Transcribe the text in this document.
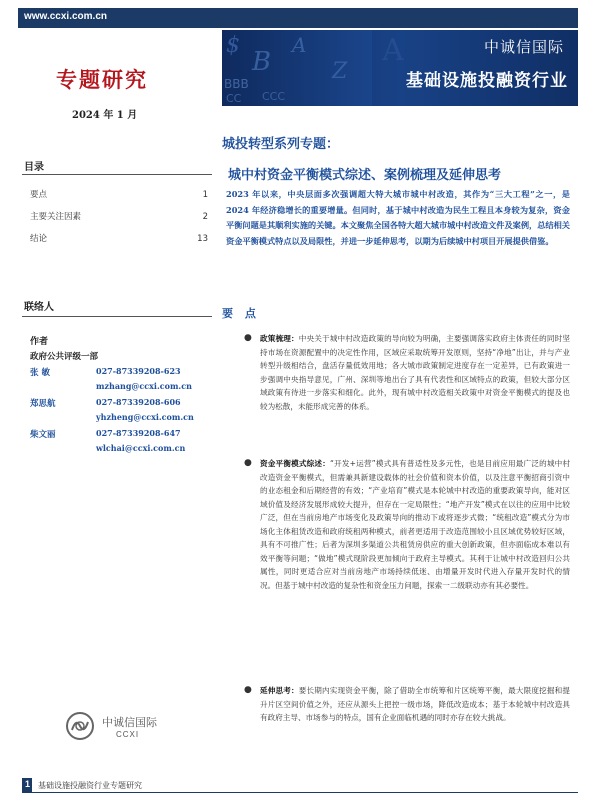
www.ccxi.com.cn
$
B
A
Z
BBB
CC CCC
A	中诚信国际
基础设施投融资行业
专题研究
2024 年 1 月
城投转型系列专题：
城中村资金平衡模式综述、案例梳理及延伸思考
目录
要点	1
主要关注因素	2
结论	13
联络人
作者
政府公共评级一部
张 敏	027-87339208-623
mzhang@ccxi.com.cn
郑思航	027-87339208-606
yhzheng@ccxi.com.cn
柴文丽	027-87339208-647
wlchai@ccxi.com.cn
中诚信国际
CCXI
2023 年以来，中央层面多次强调超大特大城市城中村改造，其作为“三大工程”之一，是 2024 年经济稳增长的重要增量。但同时，基于城中村改造为民生工程且本身较为复杂，资金平衡问题是其顺利实施的关键。本文聚焦全国各特大超大城市城中村改造文件及案例，总结相关资金平衡模式特点以及局限性，并进一步延伸思考，以期为后续城中村项目开展提供借鉴。
要 点
● 政策梳理：中央关于城中村改造政策的导向较为明确，主要强调落实政府主体责任的同时坚持市场在资源配置中的决定性作用，区域应采取统筹开发原则，坚持“净地”出让，并与产业转型升级相结合，盘活存量低效用地；各大城市政策制定进度存在一定差异，已有政策进一步强调中央指导意见，广州、深圳等地出台了具有代表性和区域特点的政策，但较大部分区域政策有待进一步落实和细化。此外，现有城中村改造相关政策中对资金平衡模式的提及也较为松散，未能形成完善的体系。
● 资金平衡模式综述：“开发+运营”模式具有普适性及多元性，也是目前应用最广泛的城中村改造资金平衡模式，但需兼具新建设载体的社会价值和资本价值，以及注意平衡招商引资中的业态租金和后期经营的有效；“产业培育”模式是本轮城中村改造的重要政策导向，能对区域价值及经济发展形成较大提升，但存在一定局限性；“地产开发”模式在以往的应用中比较广泛，但在当前房地产市场变化及政策导向的推动下或将逐步式微；“统租改造”模式分为市场化主体租赁改造和政府统租两种模式，前者更适用于改造范围较小且区域优势较好区域，具有不可推广性；后者为深圳多渠道公共租赁房供应的重大创新政策，但亦面临成本难以有效平衡等问题；“做地”模式现阶段更加倾向于政府主导模式。其利于让城中村改造回归公共属性，同时更适合应对当前房地产市场持续低迷、由增量开发时代进入存量开发时代的情况。但基于城中村改造的复杂性和资金压力问题，探索一二级联动亦有其必要性。
● 延伸思考：要长期内实现资金平衡，除了借助全市统筹和片区统筹平衡，最大限度挖掘和提升片区空间价值之外，还应从源头上把控一级市场，降低改造成本；基于本轮城中村改造具有政府主导、市场参与的特点，国有企业面临机遇的同时亦存在较大挑战。
1 基础设施投融资行业专题研究
